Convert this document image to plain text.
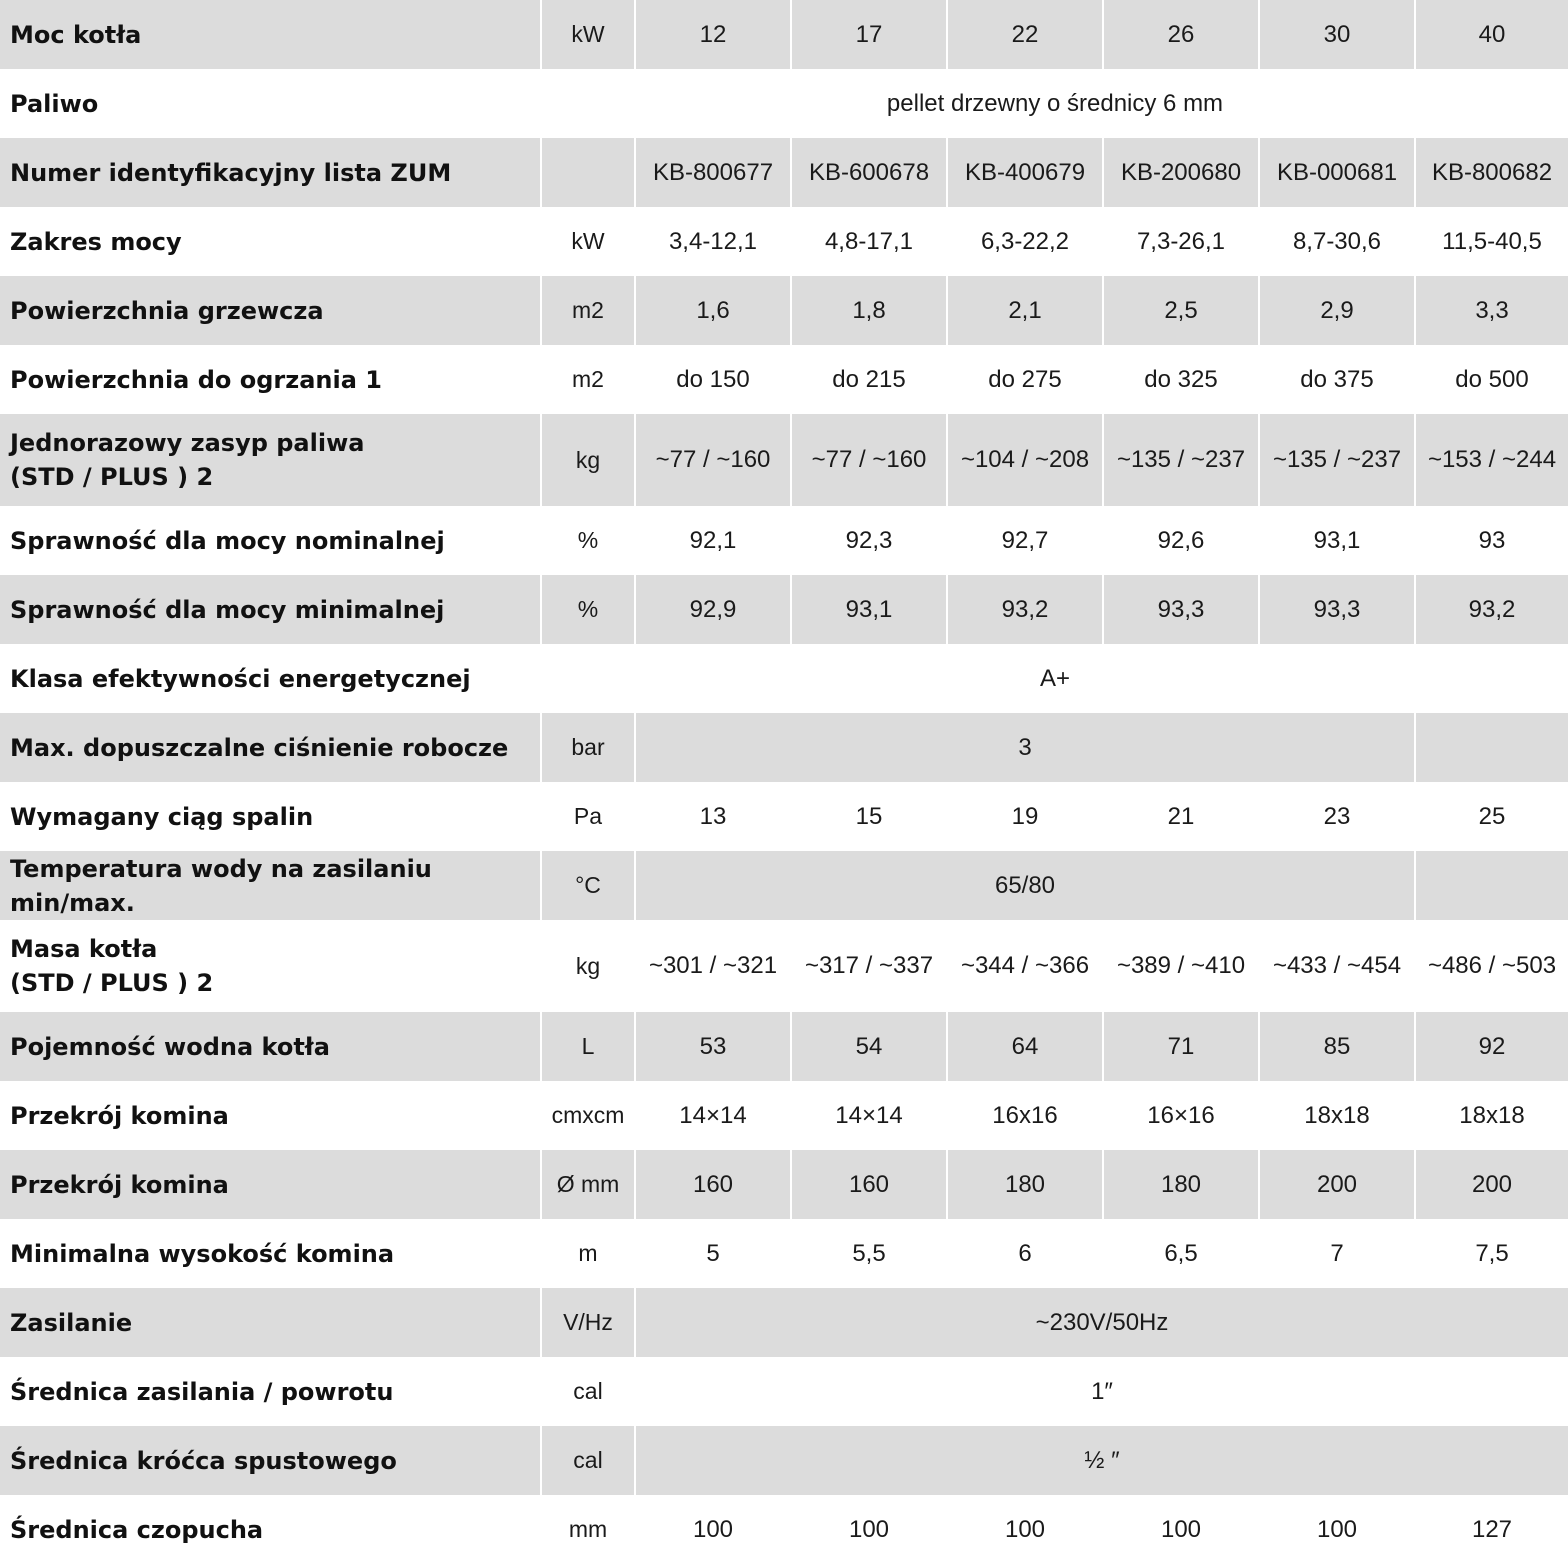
Moc kotła	kW	12	17	22	26	30	40
Paliwo	pellet drzewny o średnicy 6 mm						
Numer identyfikacyjny lista ZUM		KB-800677	KB-600678	KB-400679	KB-200680	KB-000681	KB-800682
Zakres mocy	kW	3,4-12,1	4,8-17,1	6,3-22,2	7,3-26,1	8,7-30,6	11,5-40,5
Powierzchnia grzewcza	m2	1,6	1,8	2,1	2,5	2,9	3,3
Powierzchnia do ogrzania 1	m2	do 150	do 215	do 275	do 325	do 375	do 500
Jednorazowy zasyp paliwa
(STD / PLUS ) 2	kg	~77 / ~160	~77 / ~160	~104 / ~208	~135 / ~237	~135 / ~237	~153 / ~244
Sprawność dla mocy nominalnej	%	92,1	92,3	92,7	92,6	93,1	93
Sprawność dla mocy minimalnej	%	92,9	93,1	93,2	93,3	93,3	93,2
Klasa efektywności energetycznej	A+						
Max. dopuszczalne ciśnienie robocze	bar	3					
Wymagany ciąg spalin	Pa	13	15	19	21	23	25
Temperatura wody na zasilaniu min/max.	°C	65/80					
Masa kotła
(STD / PLUS ) 2	kg	~301 / ~321	~317 / ~337	~344 / ~366	~389 / ~410	~433 / ~454	~486 / ~503
Pojemność wodna kotła	L	53	54	64	71	85	92
Przekrój komina	cmxcm	14×14	14×14	16x16	16×16	18x18	18x18
Przekrój komina	Ø mm	160	160	180	180	200	200
Minimalna wysokość komina	m	5	5,5	6	6,5	7	7,5
Zasilanie	V/Hz	~230V/50Hz					
Średnica zasilania / powrotu	cal	1″					
Średnica króćca spustowego	cal	½ ″					
Średnica czopucha	mm	100	100	100	100	100	127
